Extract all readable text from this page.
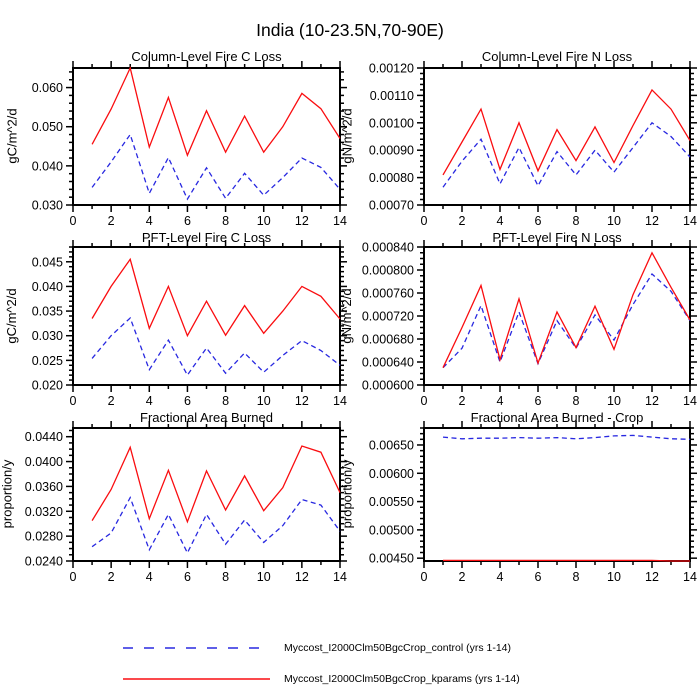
India (10-23.5N,70-90E)
Column-Level Fire C Loss	Column-Level Fire N Loss
PFT-Level Fire C Loss	PFT-Level Fire N Loss
Fractional Area Burned	Fractional Area Burned - Crop
gC/m^2/d	gN/m^2/d
gC/m^2/d	gN/m^2/d
proportion/y	proportion/y
0.030
0.040
0.050
0.060
0 2 4 6 8 10 12 14
0.00070
0.00080
0.00090
0.00100
0.00110
0.00120
0 2 4 6 8 10 12 14
0.020
0.025
0.030
0.035
0.040
0.045
0 2 4 6 8 10 12 14
0.000600
0.000640
0.000680
0.000720
0.000760
0.000800
0.000840
0 2 4 6 8 10 12 14
0.0240
0.0280
0.0320
0.0360
0.0400
0.0440
0 2 4 6 8 10 12 14
0.00450
0.00500
0.00550
0.00600
0.00650
0 2 4 6 8 10 12 14
Myccost_I2000Clm50BgcCrop_control (yrs 1-14)
Myccost_I2000Clm50BgcCrop_kparams (yrs 1-14)
